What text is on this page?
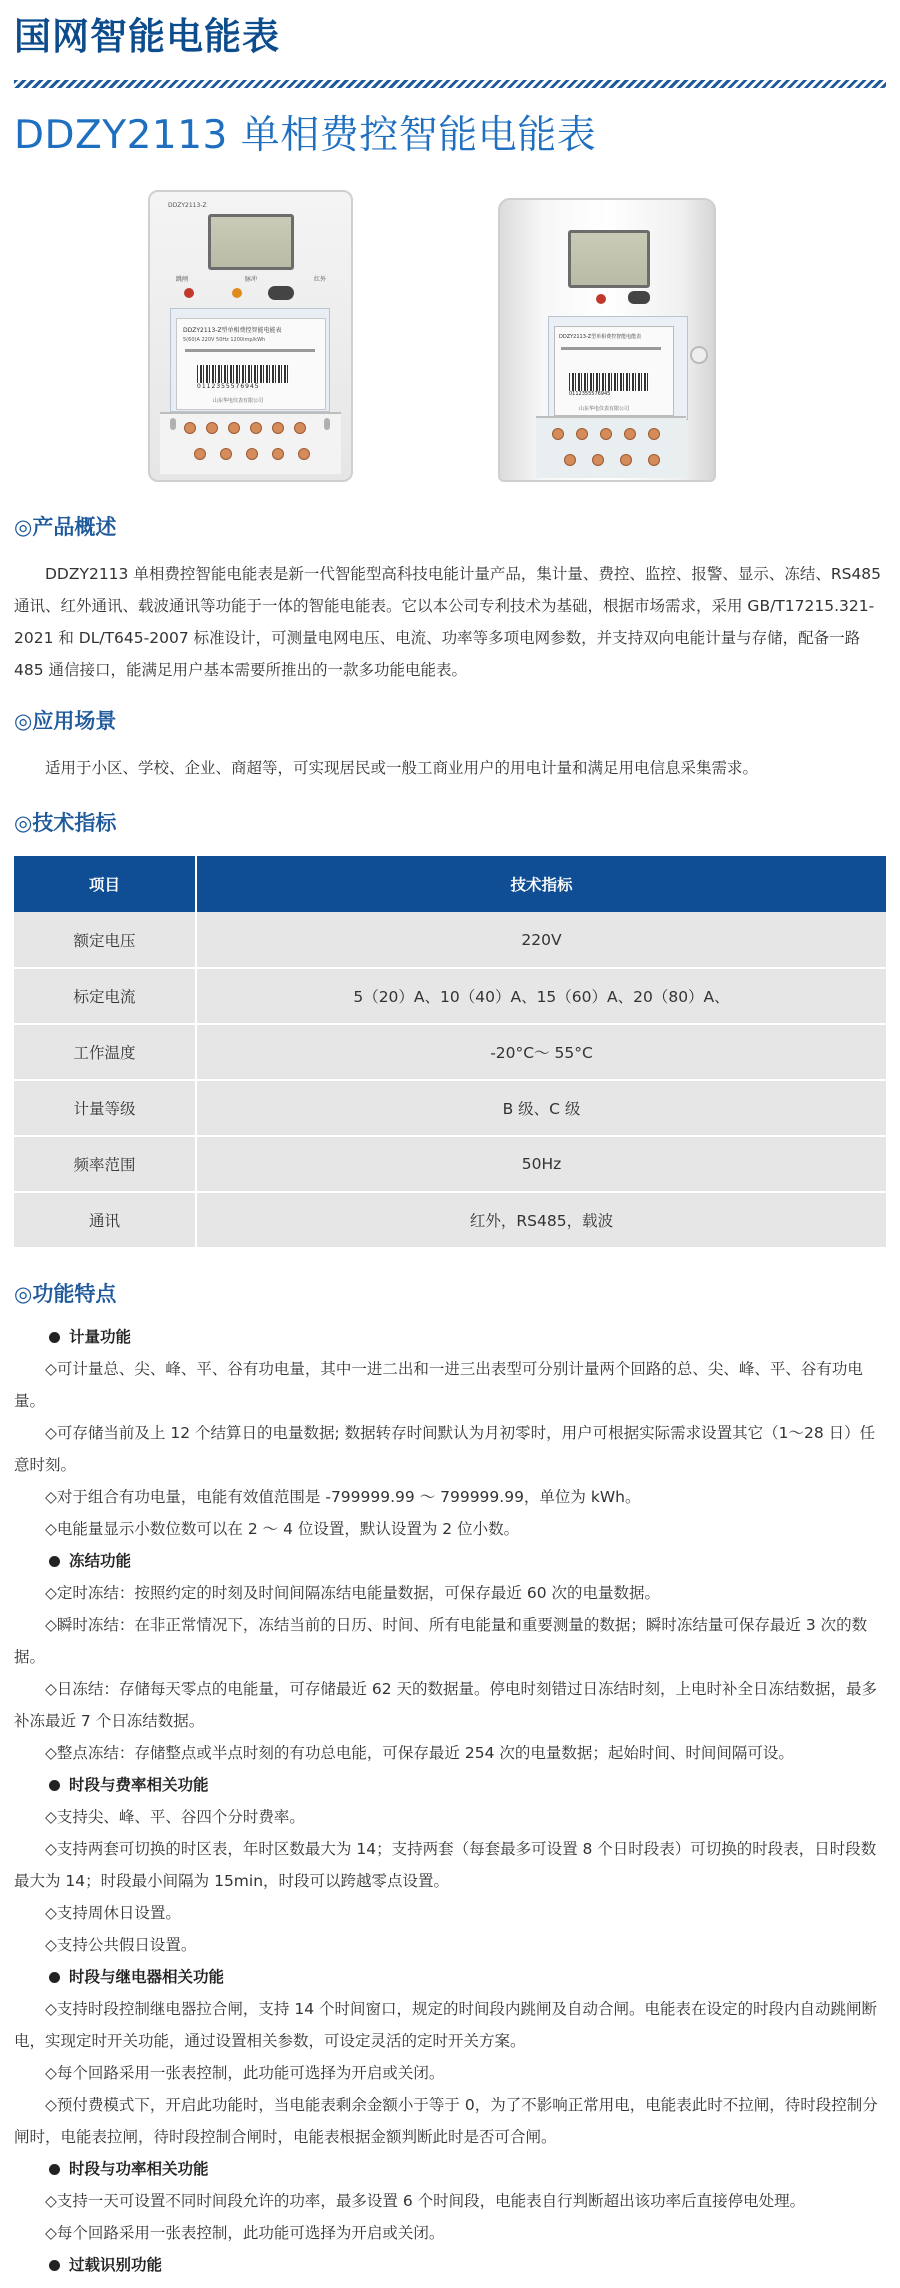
国网智能电能表
DDZY2113 单相费控智能电能表
DDZY2113-Z
跳闸	脉冲	红外
DDZY2113-Z型单相费控智能电能表
5(60)A 220V 50Hz 1200imp/kWh
0112355576945
山东华电仪表有限公司
DDZY2113-Z型单相费控智能电能表
0112355576945
山东华电仪表有限公司
◎产品概述
DDZY2113 单相费控智能电能表是新一代智能型高科技电能计量产品，集计量、费控、监控、报警、显示、冻结、RS485 通讯、红外通讯、载波通讯等功能于一体的智能电能表。它以本公司专利技术为基础，根据市场需求，采用 GB/T17215.321-2021 和 DL/T645-2007 标准设计，可测量电网电压、电流、功率等多项电网参数，并支持双向电能计量与存储，配备一路 485 通信接口，能满足用户基本需要所推出的一款多功能电能表。
◎应用场景
适用于小区、学校、企业、商超等，可实现居民或一般工商业用户的用电计量和满足用电信息采集需求。
◎技术指标
项目	技术指标
额定电压	220V
标定电流	5（20）A、10（40）A、15（60）A、20（80）A、
工作温度	-20°C～ 55°C
计量等级	B 级、C 级
频率范围	50Hz
通讯	红外，RS485，载波
◎功能特点
计量功能
◇可计量总、尖、峰、平、谷有功电量，其中一进二出和一进三出表型可分别计量两个回路的总、尖、峰、平、谷有功电量。
◇可存储当前及上 12 个结算日的电量数据; 数据转存时间默认为月初零时，用户可根据实际需求设置其它（1～28 日）任意时刻。
◇对于组合有功电量，电能有效值范围是 -799999.99 ～ 799999.99，单位为 kWh。
◇电能量显示小数位数可以在 2 ～ 4 位设置，默认设置为 2 位小数。
冻结功能
◇定时冻结：按照约定的时刻及时间间隔冻结电能量数据，可保存最近 60 次的电量数据。
◇瞬时冻结：在非正常情况下，冻结当前的日历、时间、所有电能量和重要测量的数据；瞬时冻结量可保存最近 3 次的数据。
◇日冻结：存储每天零点的电能量，可存储最近 62 天的数据量。停电时刻错过日冻结时刻，上电时补全日冻结数据，最多补冻最近 7 个日冻结数据。
◇整点冻结：存储整点或半点时刻的有功总电能，可保存最近 254 次的电量数据；起始时间、时间间隔可设。
时段与费率相关功能
◇支持尖、峰、平、谷四个分时费率。
◇支持两套可切换的时区表，年时区数最大为 14；支持两套（每套最多可设置 8 个日时段表）可切换的时段表，日时段数最大为 14；时段最小间隔为 15min，时段可以跨越零点设置。
◇支持周休日设置。
◇支持公共假日设置。
时段与继电器相关功能
◇支持时段控制继电器拉合闸，支持 14 个时间窗口，规定的时间段内跳闸及自动合闸。电能表在设定的时段内自动跳闸断电，实现定时开关功能，通过设置相关参数，可设定灵活的定时开关方案。
◇每个回路采用一张表控制，此功能可选择为开启或关闭。
◇预付费模式下，开启此功能时，当电能表剩余金额小于等于 0，为了不影响正常用电，电能表此时不拉闸，待时段控制分闸时，电能表拉闸，待时段控制合闸时，电能表根据金额判断此时是否可合闸。
时段与功率相关功能
◇支持一天可设置不同时间段允许的功率，最多设置 6 个时间段，电能表自行判断超出该功率后直接停电处理。
◇每个回路采用一张表控制，此功能可选择为开启或关闭。
过载识别功能
